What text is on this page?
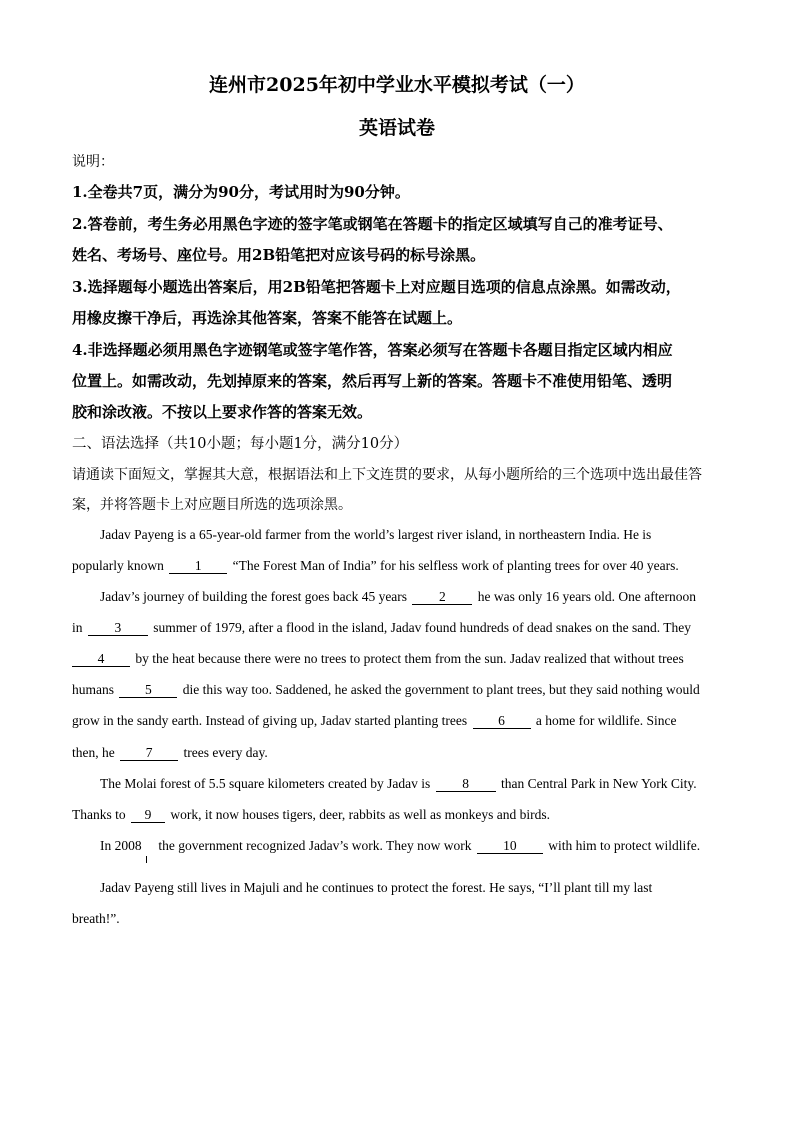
连州市2025年初中学业水平模拟考试（一）
英语试卷
说明：
1.全卷共7页，满分为90分，考试用时为90分钟。
2.答卷前，考生务必用黑色字迹的签字笔或钢笔在答题卡的指定区域填写自己的准考证号、
姓名、考场号、座位号。用2B铅笔把对应该号码的标号涂黑。
3.选择题每小题选出答案后，用2B铅笔把答题卡上对应题目选项的信息点涂黑。如需改动，
用橡皮擦干净后，再选涂其他答案，答案不能答在试题上。
4.非选择题必须用黑色字迹钢笔或签字笔作答，答案必须写在答题卡各题目指定区域内相应
位置上。如需改动，先划掉原来的答案，然后再写上新的答案。答题卡不准使用铅笔、透明
胶和涂改液。不按以上要求作答的答案无效。
二、语法选择（共10小题；每小题1分，满分10分）
请通读下面短文，掌握其大意，根据语法和上下文连贯的要求，从每小题所给的三个选项中选出最佳答
案，并将答题卡上对应题目所选的选项涂黑。
Jadav Payeng is a 65-year-old farmer from the world’s largest river island, in northeastern India. He is
popularly known 1 “The Forest Man of India” for his selfless work of planting trees for over 40 years.
Jadav’s journey of building the forest goes back 45 years 2 he was only 16 years old. One afternoon
in 3 summer of 1979, after a flood in the island, Jadav found hundreds of dead snakes on the sand. They
4 by the heat because there were no trees to protect them from the sun. Jadav realized that without trees
humans 5 die this way too. Saddened, he asked the government to plant trees, but they said nothing would
grow in the sandy earth. Instead of giving up, Jadav started planting trees 6 a home for wildlife. Since
then, he 7 trees every day.
The Molai forest of 5.5 square kilometers created by Jadav is 8 than Central Park in New York City.
Thanks to 9 work, it now houses tigers, deer, rabbits as well as monkeys and birds.
In 2008 the government recognized Jadav’s work. They now work 10 with him to protect wildlife.
Jadav Payeng still lives in Majuli and he continues to protect the forest. He says, “I’ll plant till my last
breath!”.
